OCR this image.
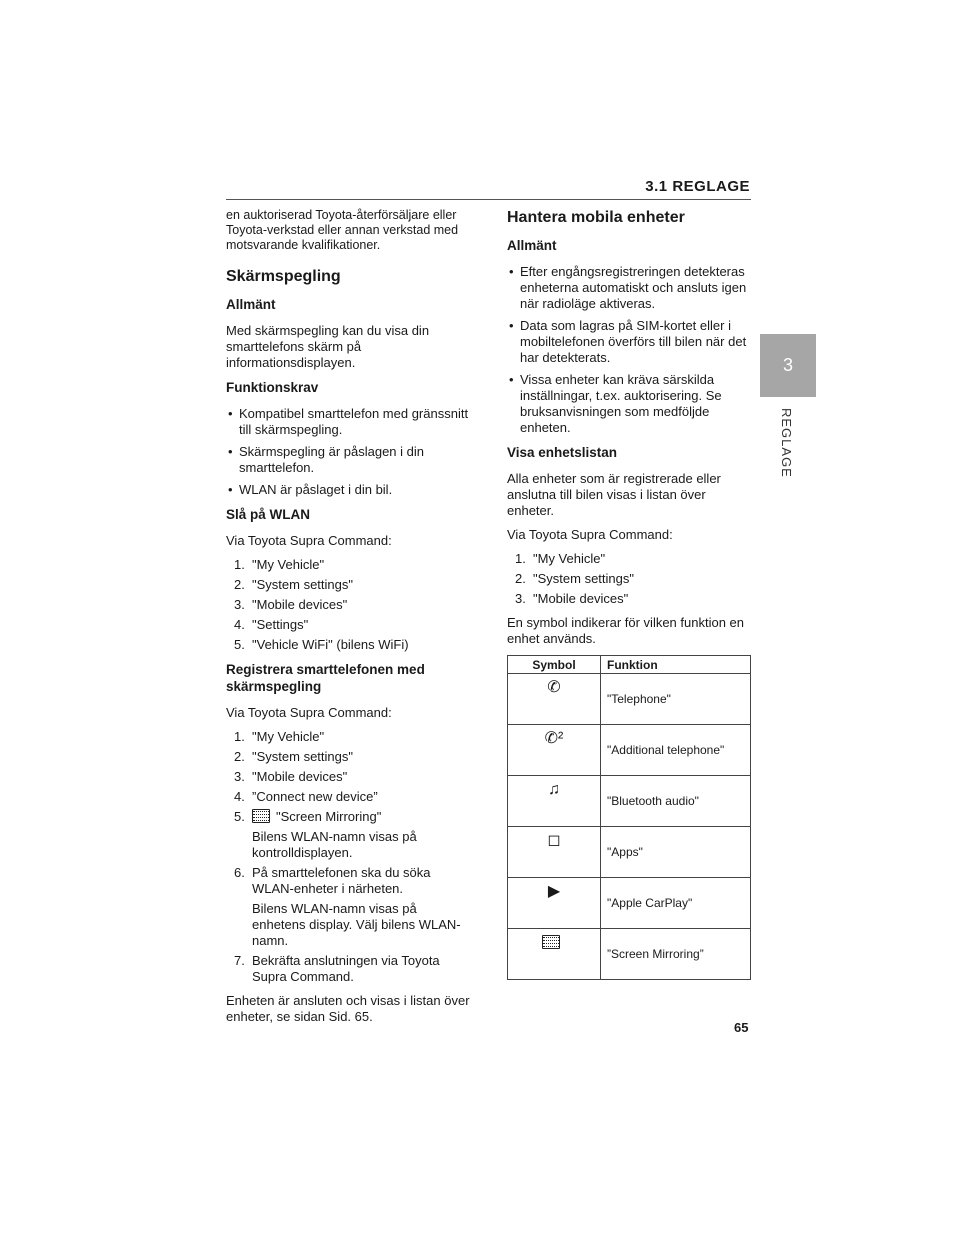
3.1 REGLAGE
3
REGLAGE

en auktoriserad Toyota-återförsäljare eller Toyota-verkstad eller annan verkstad med motsvarande kvalifikationer.

Skärmspegling
Allmänt

Med skärmspegling kan du visa din smarttelefons skärm på informationsdisplayen.

Funktionskrav
• Kompatibel smarttelefon med gränssnitt till skärmspegling.
• Skärmspegling är påslagen i din smarttelefon.
• WLAN är påslaget i din bil.
Slå på WLAN

Via Toyota Supra Command:

1. "My Vehicle"
2. "System settings"
3. "Mobile devices"
4. "Settings"
5. "Vehicle WiFi" (bilens WiFi)
Registrera smarttelefonen med skärmspegling

Via Toyota Supra Command:

1. "My Vehicle"
2. "System settings"
3. "Mobile devices"
4. ”Connect new device”
5.	"Screen Mirroring"
Bilens WLAN-namn visas på kontrolldisplayen.
6. På smarttelefonen ska du söka WLAN-enheter i närheten.
Bilens WLAN-namn visas på enhetens display. Välj bilens WLAN-namn.
7. Bekräfta anslutningen via Toyota Supra Command.

Enheten är ansluten och visas i listan över enheter, se sidan Sid. 65.

Hantera mobila enheter
Allmänt
• Efter engångsregistreringen detekteras enheterna automatiskt och ansluts igen när radioläge aktiveras.
• Data som lagras på SIM-kortet eller i mobiltelefonen överförs till bilen när det har detekterats.
• Vissa enheter kan kräva särskilda inställningar, t.ex. auktorisering. Se bruksanvisningen som medföljde enheten.
Visa enhetslistan

Alla enheter som är registrerade eller anslutna till bilen visas i listan över enheter.

Via Toyota Supra Command:

1. "My Vehicle"
2. "System settings"
3. "Mobile devices"

En symbol indikerar för vilken funktion en enhet används.

Symbol	Funktion
✆	"Telephone"
✆²	"Additional telephone"
♫	"Bluetooth audio"
◻	"Apps"
▶	"Apple CarPlay"
	”Screen Mirroring”
65
